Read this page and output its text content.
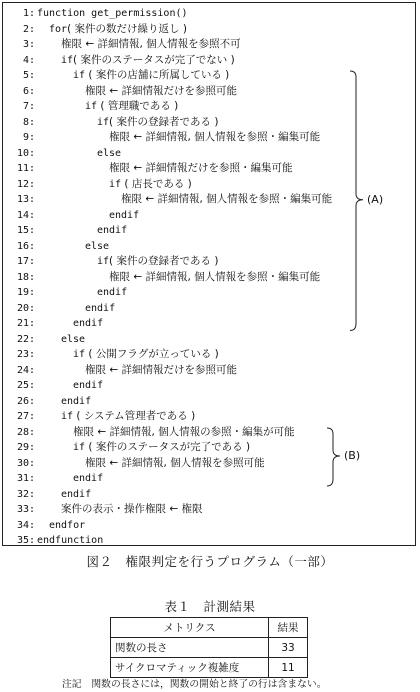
1: function get_permission()
2: for( 案件の数だけ繰り返し )
3: 権限 ← 詳細情報, 個人情報を参照不可
4:	if( 案件のステータスが完了でない )
5:	if ( 案件の店舗に所属している )
6:	権限 ← 詳細情報だけを参照可能
7:	if ( 管理職である )
8:	if( 案件の登録者である )
9:	権限 ← 詳細情報, 個人情報を参照・編集可能
10:	else
11:	権限 ← 詳細情報だけを参照・編集可能
12:	if ( 店長である )
13:	権限 ← 詳細情報, 個人情報を参照・編集可能
14:	endif
15:	endif
16:	else
17:	if( 案件の登録者である )
18:	権限 ← 詳細情報, 個人情報を参照・編集可能
19:	endif
20:	endif
21:	endif
22:	else
23:	if ( 公開フラグが立っている )
24:	権限 ← 詳細情報だけを参照可能
25:	endif
26:	endif
27:	if ( システム管理者である )
28:	権限 ← 詳細情報, 個人情報の参照・編集が可能
29:	if ( 案件のステータスが完了である )
30:	権限 ← 詳細情報, 個人情報を参照可能
31:	endif
32:	endif
33: 案件の表示・操作権限 ← 権限
34: endfor
35: endfunction
(A)
(B)
図２　権限判定を行うプログラム（一部）
表１　計測結果
メトリクス	結果
関数の長さ	33
サイクロマティック複雑度	11
注記　関数の長さには，関数の開始と終了の行は含まない。
